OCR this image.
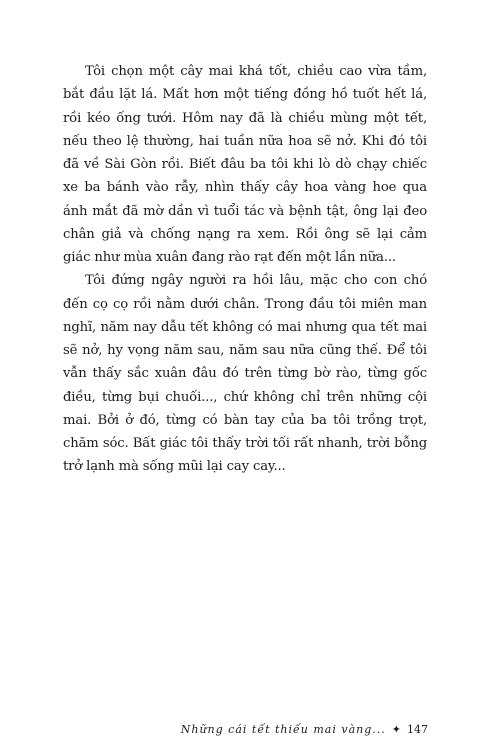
Tôi chọn một cây mai khá tốt, chiều cao vừa tầm, bắt đầu lặt lá. Mất hơn một tiếng đồng hồ tuốt hết lá, rồi kéo ống tưới. Hôm nay đã là chiều mùng một tết, nếu theo lệ thường, hai tuần nữa hoa sẽ nở. Khi đó tôi đã về Sài Gòn rồi. Biết đâu ba tôi khi lò dò chạy chiếc xe ba bánh vào rẫy, nhìn thấy cây hoa vàng hoe qua ánh mắt đã mờ dần vì tuổi tác và bệnh tật, ông lại đeo chân giả và chống nạng ra xem. Rồi ông sẽ lại cảm giác như mùa xuân đang rào rạt đến một lần nữa...

Tôi đứng ngây người ra hồi lâu, mặc cho con chó đến cọ cọ rồi nằm dưới chân. Trong đầu tôi miên man nghĩ, năm nay dẫu tết không có mai nhưng qua tết mai sẽ nở, hy vọng năm sau, năm sau nữa cũng thế. Để tôi vẫn thấy sắc xuân đâu đó trên từng bờ rào, từng gốc điều, từng bụi chuối..., chứ không chỉ trên những cội mai. Bởi ở đó, từng có bàn tay của ba tôi trồng trọt, chăm sóc. Bất giác tôi thấy trời tối rất nhanh, trời bỗng trở lạnh mà sống mũi lại cay cay...

Những cái tết thiếu mai vàng... ✦ 147
